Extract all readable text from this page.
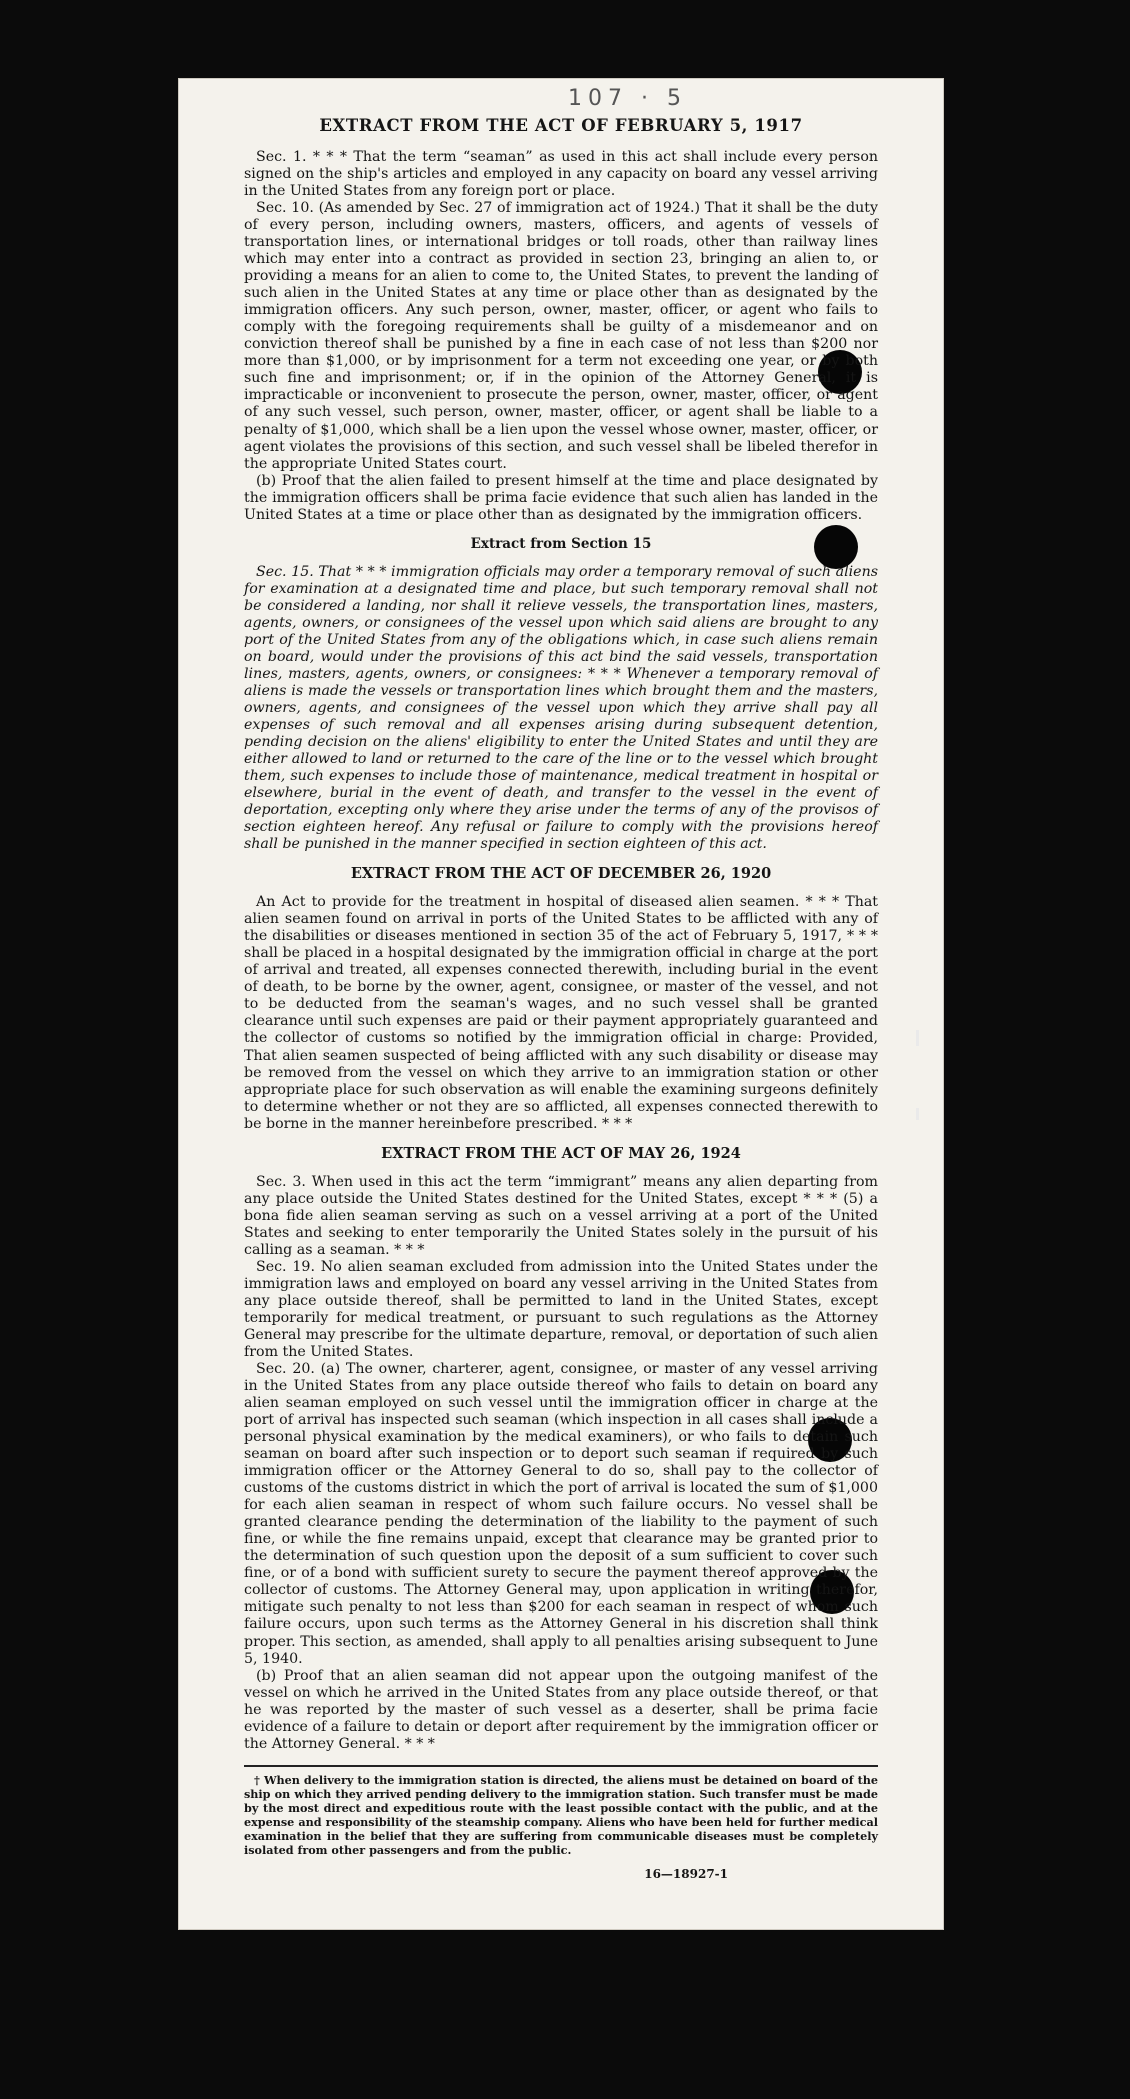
107 · 5
EXTRACT FROM THE ACT OF FEBRUARY 5, 1917

Sec. 1. * * * That the term “seaman” as used in this act shall include every person signed on the ship's articles and employed in any capacity on board any vessel arriving in the United States from any foreign port or place.

Sec. 10. (As amended by Sec. 27 of immigration act of 1924.) That it shall be the duty of every person, including owners, masters, officers, and agents of vessels of transportation lines, or international bridges or toll roads, other than railway lines which may enter into a contract as provided in section 23, bringing an alien to, or providing a means for an alien to come to, the United States, to prevent the landing of such alien in the United States at any time or place other than as designated by the immigration officers. Any such person, owner, master, officer, or agent who fails to comply with the foregoing requirements shall be guilty of a misdemeanor and on conviction thereof shall be punished by a fine in each case of not less than $200 nor more than $1,000, or by imprisonment for a term not exceeding one year, or by both such fine and imprisonment; or, if in the opinion of the Attorney General, it is impracticable or inconvenient to prosecute the person, owner, master, officer, or agent of any such vessel, such person, owner, master, officer, or agent shall be liable to a penalty of $1,000, which shall be a lien upon the vessel whose owner, master, officer, or agent violates the provisions of this section, and such vessel shall be libeled therefor in the appropriate United States court.

(b) Proof that the alien failed to present himself at the time and place designated by the immigration officers shall be prima facie evidence that such alien has landed in the United States at a time or place other than as designated by the immigration officers.

Extract from Section 15

Sec. 15. That * * * immigration officials may order a temporary removal of such aliens for examination at a designated time and place, but such temporary removal shall not be considered a landing, nor shall it relieve vessels, the transportation lines, masters, agents, owners, or consignees of the vessel upon which said aliens are brought to any port of the United States from any of the obligations which, in case such aliens remain on board, would under the provisions of this act bind the said vessels, transportation lines, masters, agents, owners, or consignees: * * * Whenever a temporary removal of aliens is made the vessels or transportation lines which brought them and the masters, owners, agents, and consignees of the vessel upon which they arrive shall pay all expenses of such removal and all expenses arising during subsequent detention, pending decision on the aliens' eligibility to enter the United States and until they are either allowed to land or returned to the care of the line or to the vessel which brought them, such expenses to include those of maintenance, medical treatment in hospital or elsewhere, burial in the event of death, and transfer to the vessel in the event of deportation, excepting only where they arise under the terms of any of the provisos of section eighteen hereof. Any refusal or failure to comply with the provisions hereof shall be punished in the manner specified in section eighteen of this act.

EXTRACT FROM THE ACT OF DECEMBER 26, 1920

An Act to provide for the treatment in hospital of diseased alien seamen. * * * That alien seamen found on arrival in ports of the United States to be afflicted with any of the disabilities or diseases mentioned in section 35 of the act of February 5, 1917, * * * shall be placed in a hospital designated by the immigration official in charge at the port of arrival and treated, all expenses connected therewith, including burial in the event of death, to be borne by the owner, agent, consignee, or master of the vessel, and not to be deducted from the seaman's wages, and no such vessel shall be granted clearance until such expenses are paid or their payment appropriately guaranteed and the collector of customs so notified by the immigration official in charge: Provided, That alien seamen suspected of being afflicted with any such disability or disease may be removed from the vessel on which they arrive to an immigration station or other appropriate place for such observation as will enable the examining surgeons definitely to determine whether or not they are so afflicted, all expenses connected therewith to be borne in the manner hereinbefore prescribed. * * *

EXTRACT FROM THE ACT OF MAY 26, 1924

Sec. 3. When used in this act the term “immigrant” means any alien departing from any place outside the United States destined for the United States, except * * * (5) a bona fide alien seaman serving as such on a vessel arriving at a port of the United States and seeking to enter temporarily the United States solely in the pursuit of his calling as a seaman. * * *

Sec. 19. No alien seaman excluded from admission into the United States under the immigration laws and employed on board any vessel arriving in the United States from any place outside thereof, shall be permitted to land in the United States, except temporarily for medical treatment, or pursuant to such regulations as the Attorney General may prescribe for the ultimate departure, removal, or deportation of such alien from the United States.

Sec. 20. (a) The owner, charterer, agent, consignee, or master of any vessel arriving in the United States from any place outside thereof who fails to detain on board any alien seaman employed on such vessel until the immigration officer in charge at the port of arrival has inspected such seaman (which inspection in all cases shall include a personal physical examination by the medical examiners), or who fails to detain such seaman on board after such inspection or to deport such seaman if required by such immigration officer or the Attorney General to do so, shall pay to the collector of customs of the customs district in which the port of arrival is located the sum of $1,000 for each alien seaman in respect of whom such failure occurs. No vessel shall be granted clearance pending the determination of the liability to the payment of such fine, or while the fine remains unpaid, except that clearance may be granted prior to the determination of such question upon the deposit of a sum sufficient to cover such fine, or of a bond with sufficient surety to secure the payment thereof approved by the collector of customs. The Attorney General may, upon application in writing therefor, mitigate such penalty to not less than $200 for each seaman in respect of whom such failure occurs, upon such terms as the Attorney General in his discretion shall think proper. This section, as amended, shall apply to all penalties arising subsequent to June 5, 1940.

(b) Proof that an alien seaman did not appear upon the outgoing manifest of the vessel on which he arrived in the United States from any place outside thereof, or that he was reported by the master of such vessel as a deserter, shall be prima facie evidence of a failure to detain or deport after requirement by the immigration officer or the Attorney General. * * *

† When delivery to the immigration station is directed, the aliens must be detained on board of the ship on which they arrived pending delivery to the immigration station. Such transfer must be made by the most direct and expeditious route with the least possible contact with the public, and at the expense and responsibility of the steamship company. Aliens who have been held for further medical examination in the belief that they are suffering from communicable diseases must be completely isolated from other passengers and from the public.

16—18927-1
